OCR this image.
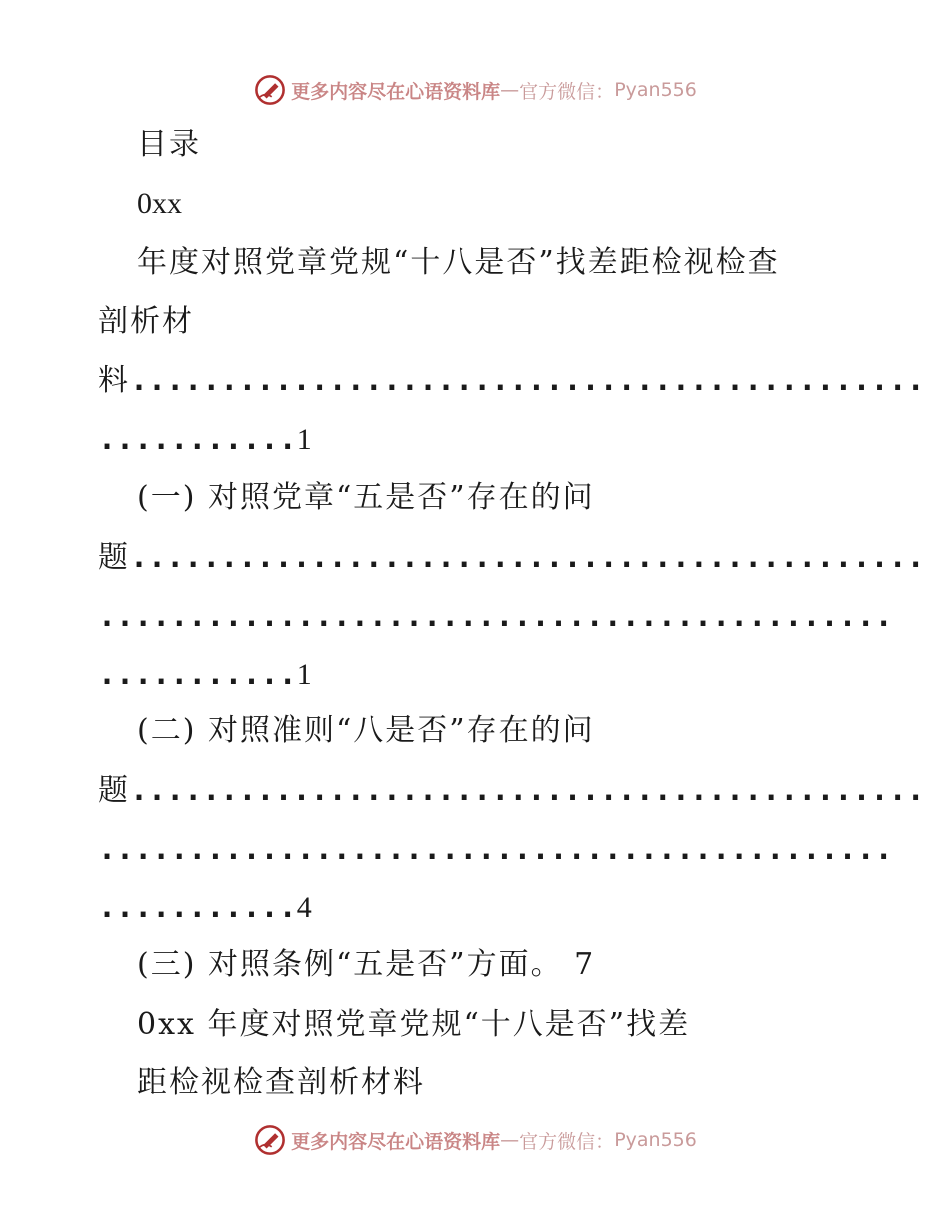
更多内容尽在心语资料库 — 官方微信： Pyan556
目录
0xx
年度对照党章党规“十八是否”找差距检视检查
剖析材
料............................................
...........1
(一) 对照党章“五是否”存在的问
题............................................
............................................
...........1
(二) 对照准则“八是否”存在的问
题............................................
............................................
...........4
(三) 对照条例“五是否”方面。 7
0xx 年度对照党章党规“十八是否”找差
距检视检查剖析材料
更多内容尽在心语资料库 — 官方微信： Pyan556
